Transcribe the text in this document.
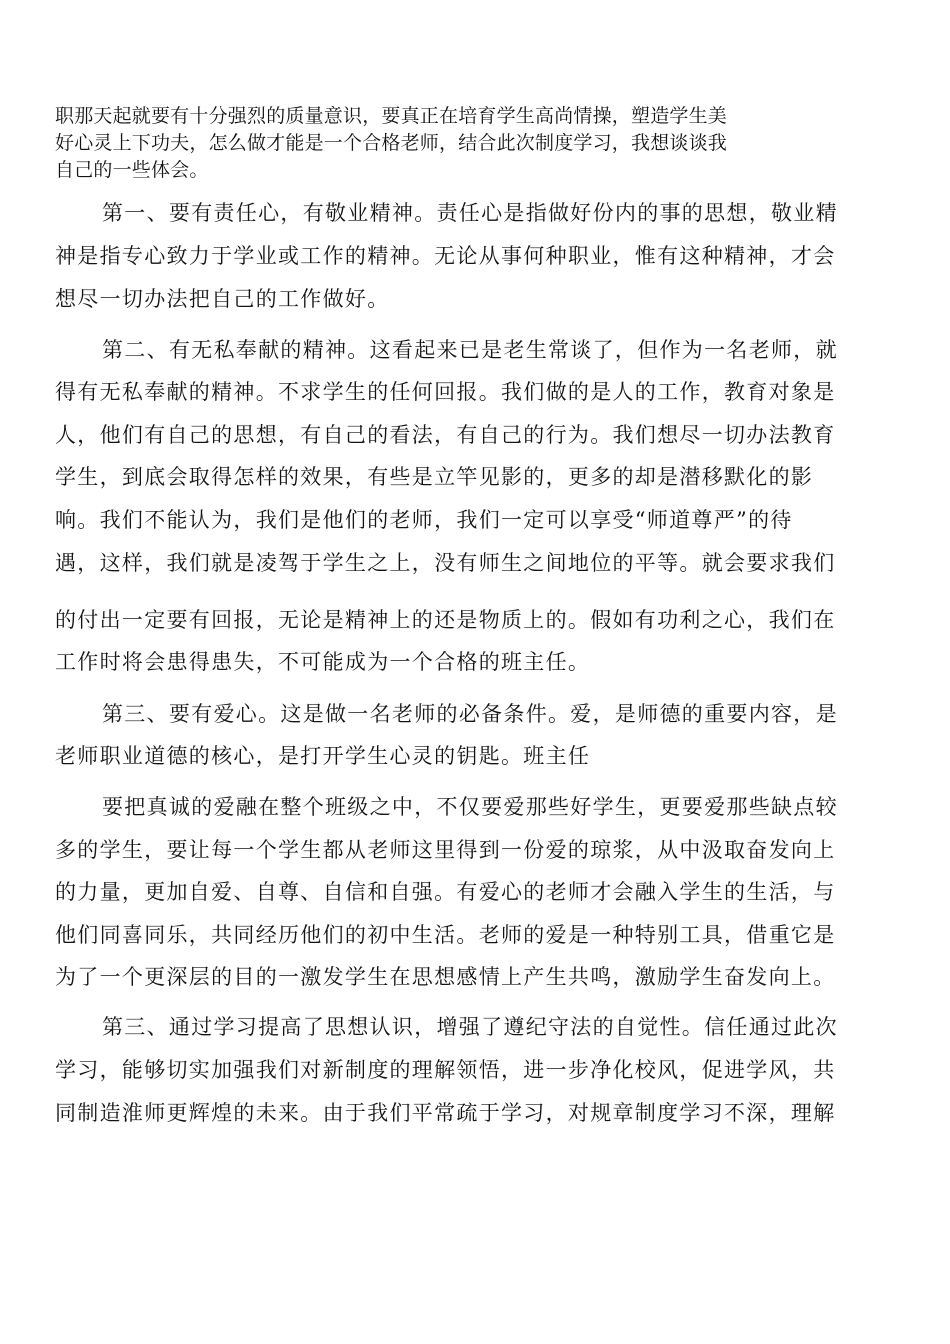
职那天起就要有十分强烈的质量意识，要真正在培育学生高尚情操，塑造学生美

好心灵上下功夫，怎么做才能是一个合格老师，结合此次制度学习，我想谈谈我

自己的一些体会。

第一、要有责任心，有敬业精神。责任心是指做好份内的事的思想，敬业精

神是指专心致力于学业或工作的精神。无论从事何种职业，惟有这种精神，才会

想尽一切办法把自己的工作做好。

第二、有无私奉献的精神。这看起来已是老生常谈了，但作为一名老师，就

得有无私奉献的精神。不求学生的任何回报。我们做的是人的工作，教育对象是

人，他们有自己的思想，有自己的看法，有自己的行为。我们想尽一切办法教育

学生，到底会取得怎样的效果，有些是立竿见影的，更多的却是潜移默化的影

响。我们不能认为，我们是他们的老师，我们一定可以享受“师道尊严”的待

遇，这样，我们就是凌驾于学生之上，没有师生之间地位的平等。就会要求我们

的付出一定要有回报，无论是精神上的还是物质上的。假如有功利之心，我们在

工作时将会患得患失，不可能成为一个合格的班主任。

第三、要有爱心。这是做一名老师的必备条件。爱，是师德的重要内容，是

老师职业道德的核心，是打开学生心灵的钥匙。班主任

要把真诚的爱融在整个班级之中，不仅要爱那些好学生，更要爱那些缺点较

多的学生，要让每一个学生都从老师这里得到一份爱的琼浆，从中汲取奋发向上

的力量，更加自爱、自尊、自信和自强。有爱心的老师才会融入学生的生活，与

他们同喜同乐，共同经历他们的初中生活。老师的爱是一种特别工具，借重它是

为了一个更深层的目的一激发学生在思想感情上产生共鸣，激励学生奋发向上。

第三、通过学习提高了思想认识，增强了遵纪守法的自觉性。信任通过此次

学习，能够切实加强我们对新制度的理解领悟，进一步净化校风，促进学风，共

同制造淮师更辉煌的未来。由于我们平常疏于学习，对规章制度学习不深，理解
